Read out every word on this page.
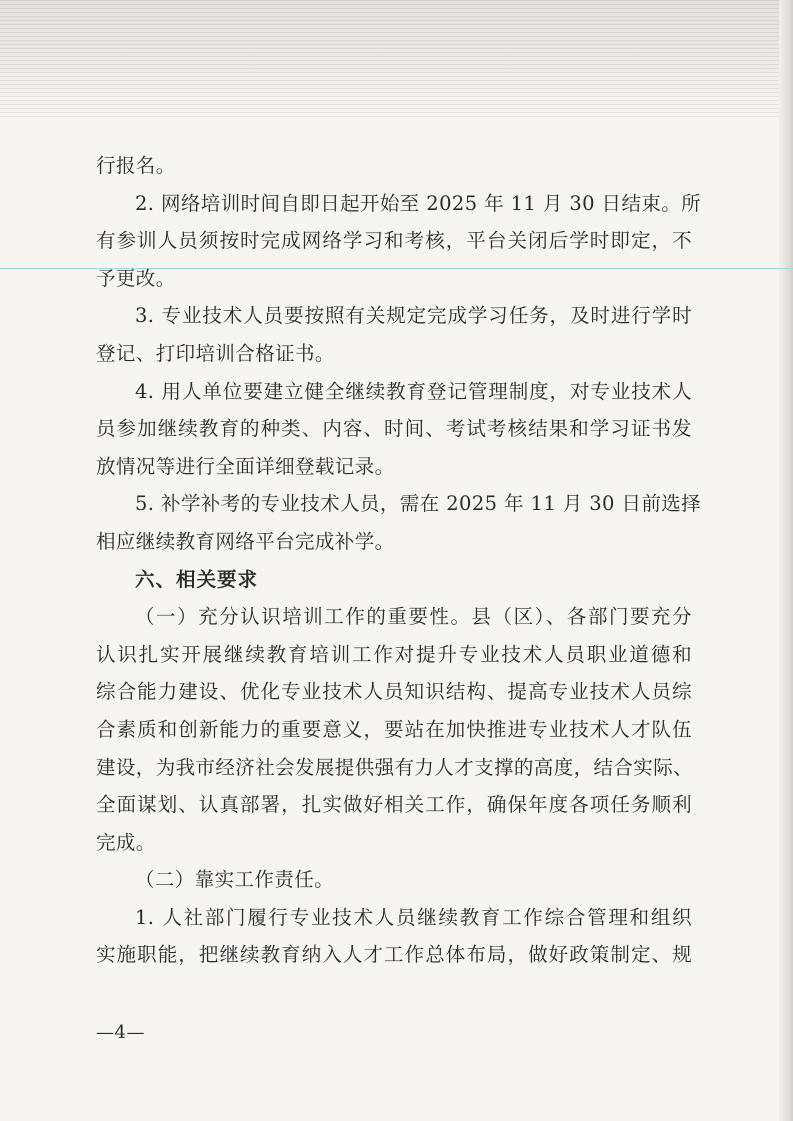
行报名。
2. 网络培训时间自即日起开始至 2025 年 11 月 30 日结束。所
有参训人员须按时完成网络学习和考核，平台关闭后学时即定，不
予更改。
3. 专业技术人员要按照有关规定完成学习任务，及时进行学时
登记、打印培训合格证书。
4. 用人单位要建立健全继续教育登记管理制度，对专业技术人
员参加继续教育的种类、内容、时间、考试考核结果和学习证书发
放情况等进行全面详细登载记录。
5. 补学补考的专业技术人员，需在 2025 年 11 月 30 日前选择
相应继续教育网络平台完成补学。
六、相关要求
（一）充分认识培训工作的重要性。县（区）、各部门要充分
认识扎实开展继续教育培训工作对提升专业技术人员职业道德和
综合能力建设、优化专业技术人员知识结构、提高专业技术人员综
合素质和创新能力的重要意义，要站在加快推进专业技术人才队伍
建设，为我市经济社会发展提供强有力人才支撑的高度，结合实际、
全面谋划、认真部署，扎实做好相关工作，确保年度各项任务顺利
完成。
（二）靠实工作责任。
1. 人社部门履行专业技术人员继续教育工作综合管理和组织
实施职能，把继续教育纳入人才工作总体布局，做好政策制定、规
—4—
